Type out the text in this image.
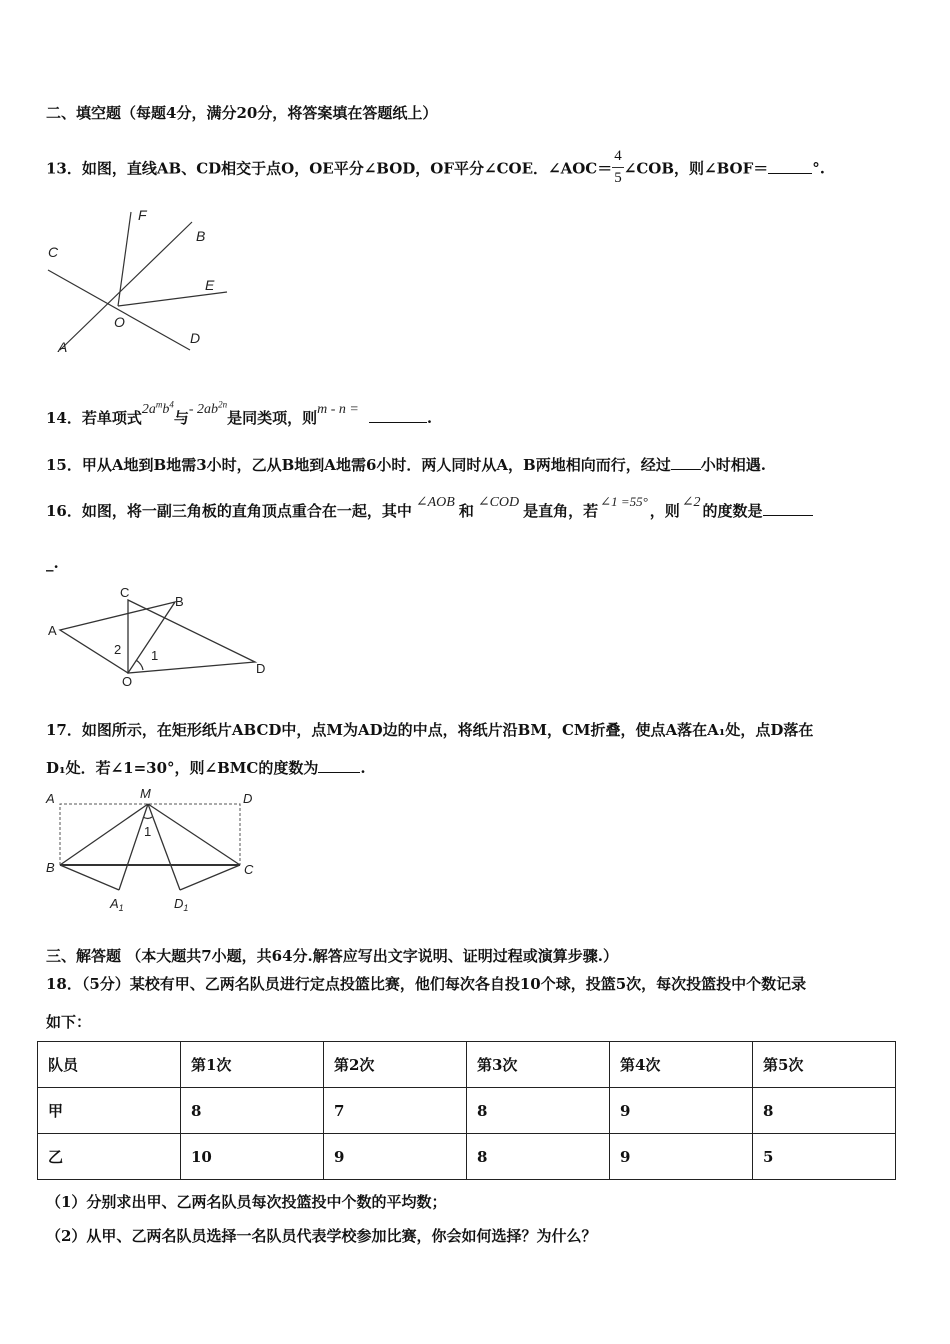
二、填空题（每题4分，满分20分，将答案填在答题纸上）
13．如图，直线AB、CD相交于点O，OE平分∠BOD，OF平分∠COE．∠AOC＝ $\frac{4}{5}$ ∠COB，则∠BOF＝	°.
F
B
C
E
O
D
A
14．若单项式$2a^mb^4$与- $2ab^{2n}$是同类项，则m - n =	.
15．甲从A地到B地需3小时，乙从B地到A地需6小时．两人同时从A，B两地相向而行，经过 小时相遇.
16．如图，将一副三角板的直角顶点重合在一起，其中 ∠AOB 和 ∠COD 是直角，若∠1 =55°，则 ∠2 的度数是
_.
C
B
A
2 1
O
D
17．如图所示，在矩形纸片ABCD中，点M为AD边的中点，将纸片沿BM，CM折叠，使点A落在A₁处，点D落在
D₁处．若∠1=30°，则∠BMC的度数为	.
A	M	D
1
B	C
$A_1$	$D_1$
三、解答题 （本大题共7小题，共64分.解答应写出文字说明、证明过程或演算步骤.）
18．（5分）某校有甲、乙两名队员进行定点投篮比赛，他们每次各自投10个球，投篮5次，每次投篮投中个数记录
如下：
队员	第1次	第2次	第3次	第4次	第5次
甲	8	7	8	9	8
乙	10	9	8	9	5
（1）分别求出甲、乙两名队员每次投篮投中个数的平均数；
（2）从甲、乙两名队员选择一名队员代表学校参加比赛，你会如何选择？为什么？
